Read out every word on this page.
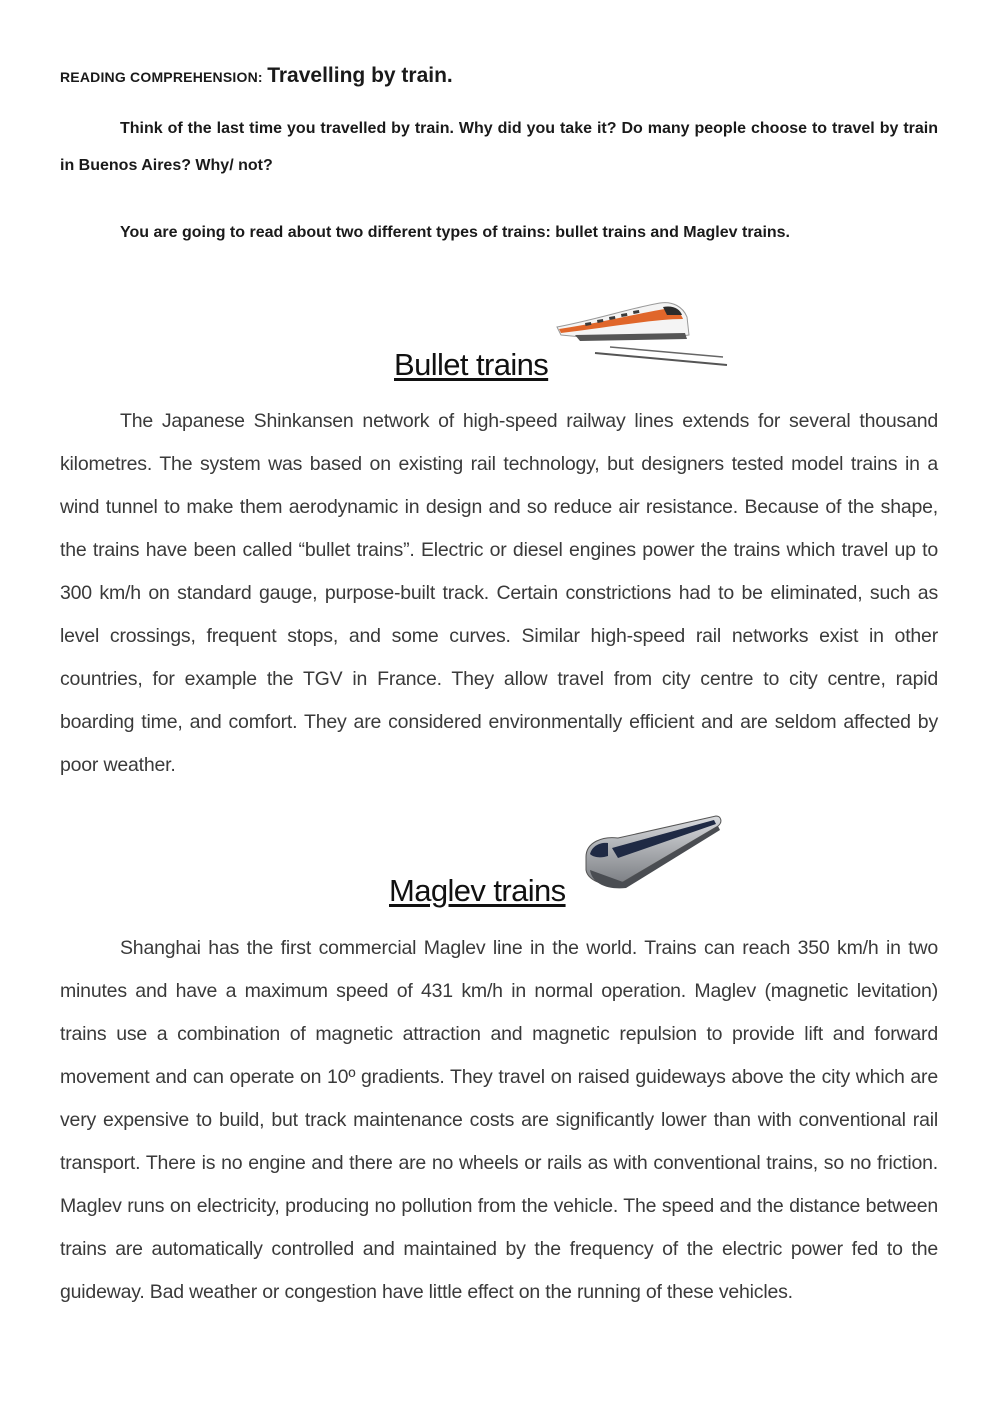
READING COMPREHENSION: Travelling by train.
Think of the last time you travelled by train. Why did you take it? Do many people choose to travel by train in Buenos Aires? Why/ not?
You are going to read about two different types of trains: bullet trains and Maglev trains.
Bullet trains
The Japanese Shinkansen network of high-speed railway lines extends for several thousand kilometres. The system was based on existing rail technology, but designers tested model trains in a wind tunnel to make them aerodynamic in design and so reduce air resistance. Because of the shape, the trains have been called “bullet trains”. Electric or diesel engines power the trains which travel up to 300 km/h on standard gauge, purpose-built track. Certain constrictions had to be eliminated, such as level crossings, frequent stops, and some curves. Similar high-speed rail networks exist in other countries, for example the TGV in France. They allow travel from city centre to city centre, rapid boarding time, and comfort. They are considered environmentally efficient and are seldom affected by poor weather.
Maglev trains
Shanghai has the first commercial Maglev line in the world. Trains can reach 350 km/h in two minutes and have a maximum speed of 431 km/h in normal operation. Maglev (magnetic levitation) trains use a combination of magnetic attraction and magnetic repulsion to provide lift and forward movement and can operate on 10º gradients. They travel on raised guideways above the city which are very expensive to build, but track maintenance costs are significantly lower than with conventional rail transport. There is no engine and there are no wheels or rails as with conventional trains, so no friction. Maglev runs on electricity, producing no pollution from the vehicle. The speed and the distance between trains are automatically controlled and maintained by the frequency of the electric power fed to the guideway. Bad weather or congestion have little effect on the running of these vehicles.
